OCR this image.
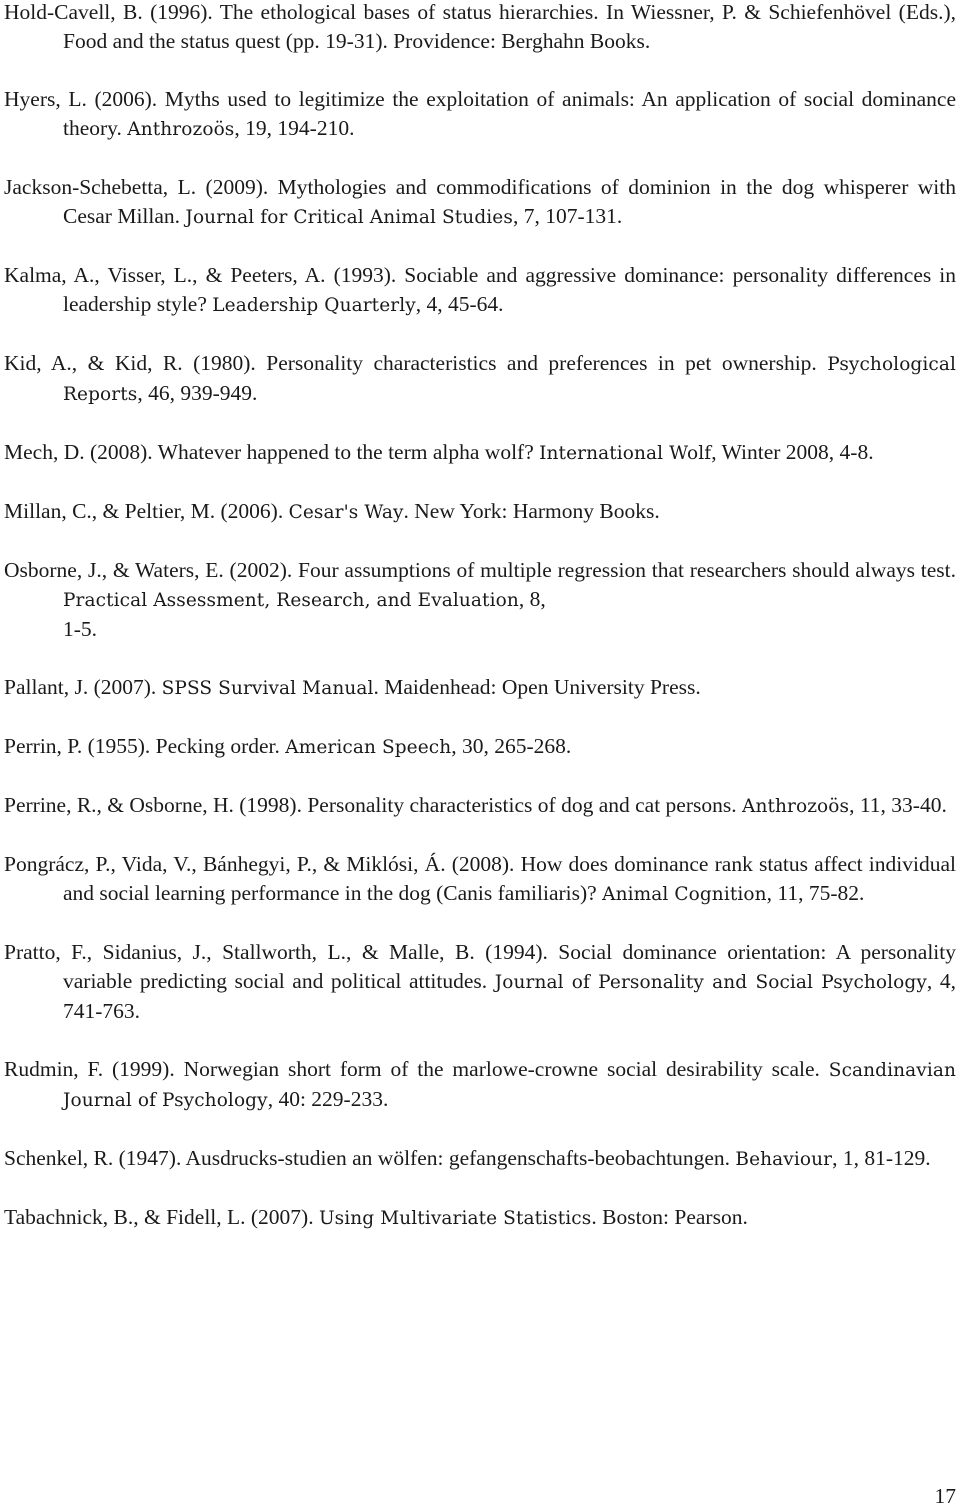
Hold-Cavell, B. (1996). The ethological bases of status hierarchies. In Wiessner, P. & Schiefenhövel (Eds.), Food and the status quest (pp. 19-31). Providence: Berghahn Books.

Hyers, L. (2006). Myths used to legitimize the exploitation of animals: An application of social dominance theory. Anthrozoös, 19, 194-210.

Jackson-Schebetta, L. (2009). Mythologies and commodifications of dominion in the dog whisperer with Cesar Millan. Journal for Critical Animal Studies, 7, 107-131.

Kalma, A., Visser, L., & Peeters, A. (1993). Sociable and aggressive dominance: personality differences in leadership style? Leadership Quarterly, 4, 45-64.

Kid, A., & Kid, R. (1980). Personality characteristics and preferences in pet ownership. Psychological Reports, 46, 939-949.

Mech, D. (2008). Whatever happened to the term alpha wolf? International Wolf, Winter 2008, 4-8.

Millan, C., & Peltier, M. (2006). Cesar's Way. New York: Harmony Books.

Osborne, J., & Waters, E. (2002). Four assumptions of multiple regression that researchers should always test. Practical Assessment, Research, and Evaluation, 8,
1-5.

Pallant, J. (2007). SPSS Survival Manual. Maidenhead: Open University Press.

Perrin, P. (1955). Pecking order. American Speech, 30, 265-268.

Perrine, R., & Osborne, H. (1998). Personality characteristics of dog and cat persons. Anthrozoös, 11, 33-40.

Pongrácz, P., Vida, V., Bánhegyi, P., & Miklósi, Á. (2008). How does dominance rank status affect individual and social learning performance in the dog (Canis familiaris)? Animal Cognition, 11, 75-82.

Pratto, F., Sidanius, J., Stallworth, L., & Malle, B. (1994). Social dominance orientation: A personality variable predicting social and political attitudes. Journal of Personality and Social Psychology, 4, 741-763.

Rudmin, F. (1999). Norwegian short form of the marlowe-crowne social desirability scale. Scandinavian Journal of Psychology, 40: 229-233.

Schenkel, R. (1947). Ausdrucks-studien an wölfen: gefangenschafts-beobachtungen. Behaviour, 1, 81-129.

Tabachnick, B., & Fidell, L. (2007). Using Multivariate Statistics. Boston: Pearson.

17
